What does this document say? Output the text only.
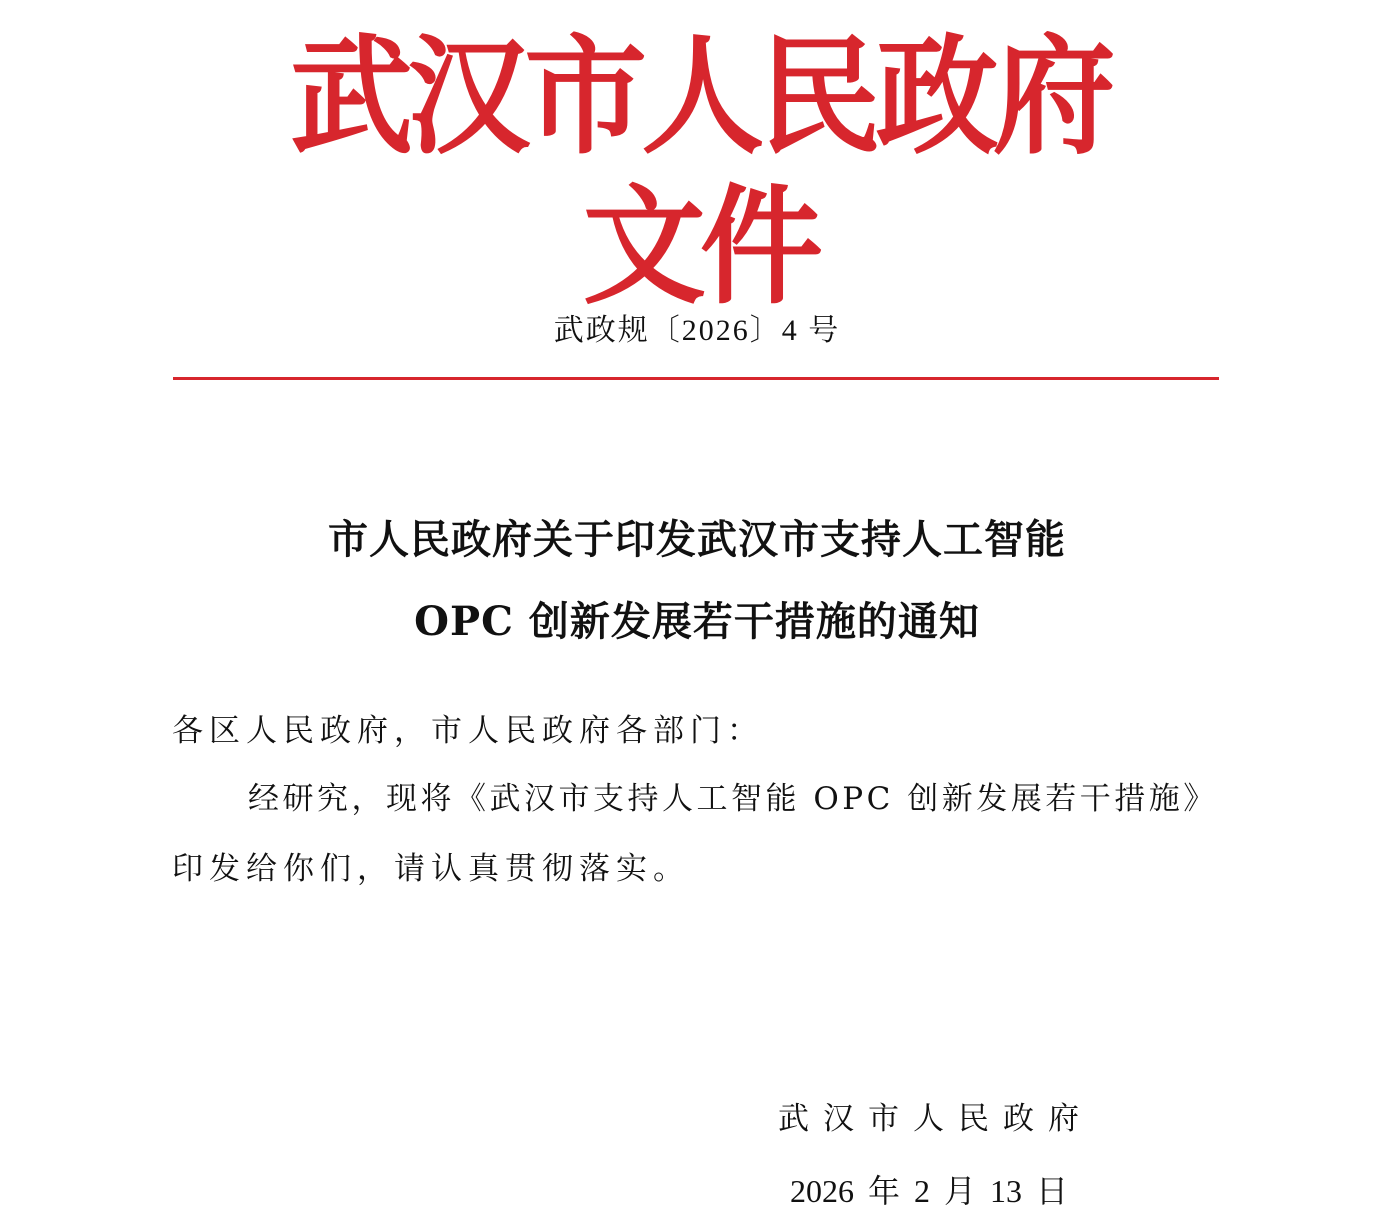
武汉市人民政府文件
武政规〔2026〕4 号
市人民政府关于印发武汉市支持人工智能
OPC 创新发展若干措施的通知
各区人民政府，市人民政府各部门：
经研究，现将《武汉市支持人工智能 OPC 创新发展若干措施》
印发给你们，请认真贯彻落实。
武汉市人民政府
2026 年 2 月 13 日
